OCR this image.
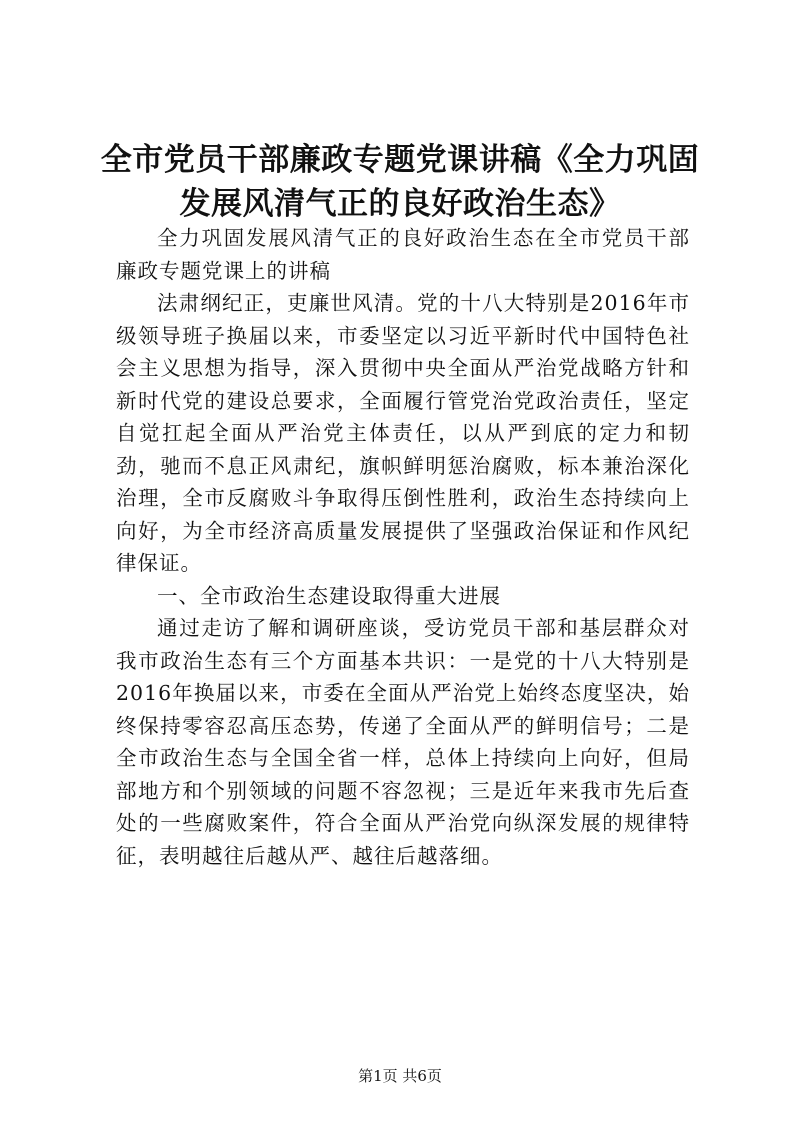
全市党员干部廉政专题党课讲稿《全力巩固发展风清气正的良好政治生态》

全力巩固发展风清气正的良好政治生态在全市党员干部廉政专题党课上的讲稿

法肃纲纪正，吏廉世风清。党的十八大特别是2016年市级领导班子换届以来，市委坚定以习近平新时代中国特色社会主义思想为指导，深入贯彻中央全面从严治党战略方针和新时代党的建设总要求，全面履行管党治党政治责任，坚定自觉扛起全面从严治党主体责任，以从严到底的定力和韧劲，驰而不息正风肃纪，旗帜鲜明惩治腐败，标本兼治深化治理，全市反腐败斗争取得压倒性胜利，政治生态持续向上向好，为全市经济高质量发展提供了坚强政治保证和作风纪律保证。

一、全市政治生态建设取得重大进展

通过走访了解和调研座谈，受访党员干部和基层群众对我市政治生态有三个方面基本共识：一是党的十八大特别是2016年换届以来，市委在全面从严治党上始终态度坚决，始终保持零容忍高压态势，传递了全面从严的鲜明信号；二是全市政治生态与全国全省一样，总体上持续向上向好，但局部地方和个别领域的问题不容忽视；三是近年来我市先后查处的一些腐败案件，符合全面从严治党向纵深发展的规律特征，表明越往后越从严、越往后越落细。

第1页 共6页
